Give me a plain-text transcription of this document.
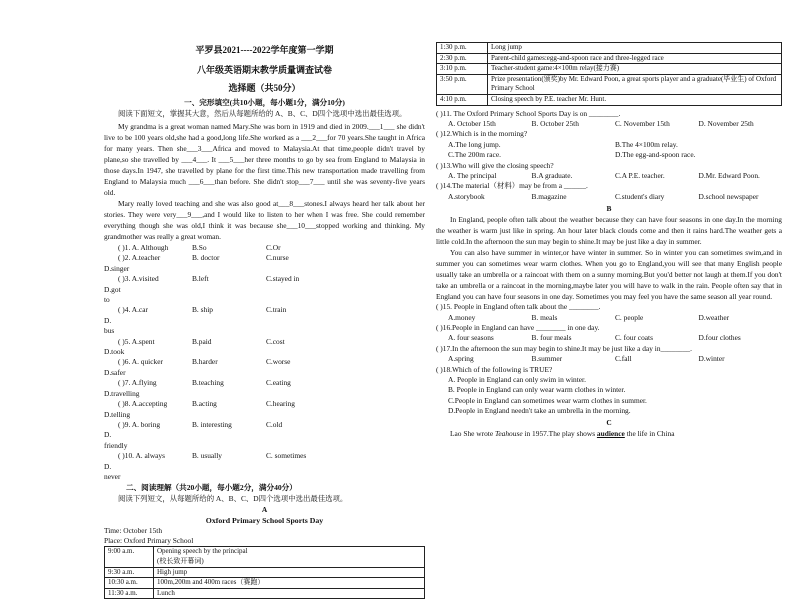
平罗县2021----2022学年度第一学期
八年级英语期末教学质量调查试卷
选择题（共50分）
一、完形填空(共10小题，每小题1分，满分10分)

阅读下面短文，掌握其大意，然后从每题所给的 A、B、C、D四个选项中选出最佳选项。

My grandma is a great woman named Mary.She was born in 1919 and died in 2009.___1___ she didn't live to be 100 years old,she had a good,long life.She worked as a ___2___for 70 years.She taught in Africa for many years. Then she___3___Africa and moved to Malaysia.At that time,people didn't travel by plane,so she travelled by ___4___. It ___5___her three months to go by sea from England to Malaysia in those days.In 1947, she travelled by plane for the first time.This new transportation made travelling from England to Malaysia much ___6___than before. She didn't stop___7___ until she was seventy-five years old.

Mary really loved teaching and she was also good at___8___stones.I always heard her talk about her stories. They were very___9___,and I would like to listen to her when I was free. She could remember everything though she was old,I think it was because she___10___stopped working and thinking. My grandmother was really a great woman.

( )1. A. Although	B.So	C.Or
( )2. A.teacher	B. doctor	C.nurse
D.singer
( )3. A.visited	B.left	C.stayed in
D.got to
( )4. A.car	B. ship	C.train
D. bus
( )5. A.spent	B.paid	C.cost
D.took
( )6. A. quicker	B.harder	C.worse
D.safer
( )7. A.flying	B.teaching	C.eating
D.travelling
( )8. A.accepting	B.acting	C.hearing
D.telling
( )9. A. boring	B. interesting	C.old
D. friendly
( )10. A. always	B. usually	C. sometimes
D. never
二、阅读理解（共20小题，每小题2分，满分40分）

阅读下列短文，从每题所给的 A、B、C、D四个选项中选出最佳选项。

A
Oxford Primary School Sports Day
Time: October 15th
Place: Oxford Primary School
9:00 a.m.	Opening speech by the principal
(校长致开幕词)
9:30 a.m.	High jump
10:30 a.m.	100m,200m and 400m races（赛跑）
11:30 a.m.	Lunch
1:30 p.m.	Long jump
2:30 p.m.	Parent-child games:egg-and-spoon race and three-legged race
3:10 p.m.	Teacher-student game:4×100m relay(接力赛)
3:50 p.m.	Prize presentation(颁奖)by Mr. Edward Poon, a great sports player and a graduate(毕业生) of Oxford Primary School
4:10 p.m.	Closing speech by P.E. teacher Mr. Hunt.
( )11. The Oxford Primary School Sports Day is on ________.
A. October 15th	B. October 25th	C. November 15th	D. November 25th
( )12.Which is in the morning?
A.The long jump.	B.The 4×100m relay.
C.The 200m race.	D.The egg-and-spoon race.
( )13.Who will give the closing speech?
A. The principal	B.A graduate.	C.A P.E. teacher.	D.Mr. Edward Poon.
( )14.The material（材料）may be from a ______.
A.storybook	B.magazine	C.student's diary	D.school newspaper
B

In England, people often talk about the weather because they can have four seasons in one day.In the morning the weather is warm just like in spring. An hour later black clouds come and then it rains hard.The weather gets a little cold.In the afternoon the sun may begin to shine.It may be just like a day in summer.

You can also have summer in winter,or have winter in summer. So in winter you can sometimes swim,and in summer you can sometimes wear warm clothes. When you go to England,you will see that many English people usually take an umbrella or a raincoat with them on a sunny morning.But you'd better not laugh at them.If you don't take an umbrella or a raincoat in the morning,maybe later you will have to walk in the rain. People often say that in England you can have four seasons in one day. Sometimes you may feel you have the same season all year round.

( )15. People in England often talk about the ________.
A.money	B. meals	C. people	D.weather
( )16.People in England can have ________ in one day.
A. four seasons	B. four meals	C. four coats	D.four clothes
( )17.In the afternoon the sun may begin to shine.It may be just like a day in________.
A.spring	B.summer	C.fall	D.winter
( )18.Which of the following is TRUE?
A. People in England can only swim in winter.
B. People in England can only wear warm clothes in winter.
C.People in England can sometimes wear warm clothes in summer.
D.People in England needn't take an umbrella in the morning.
C

Lao She wrote Teahouse in 1957.The play shows audience the life in China
